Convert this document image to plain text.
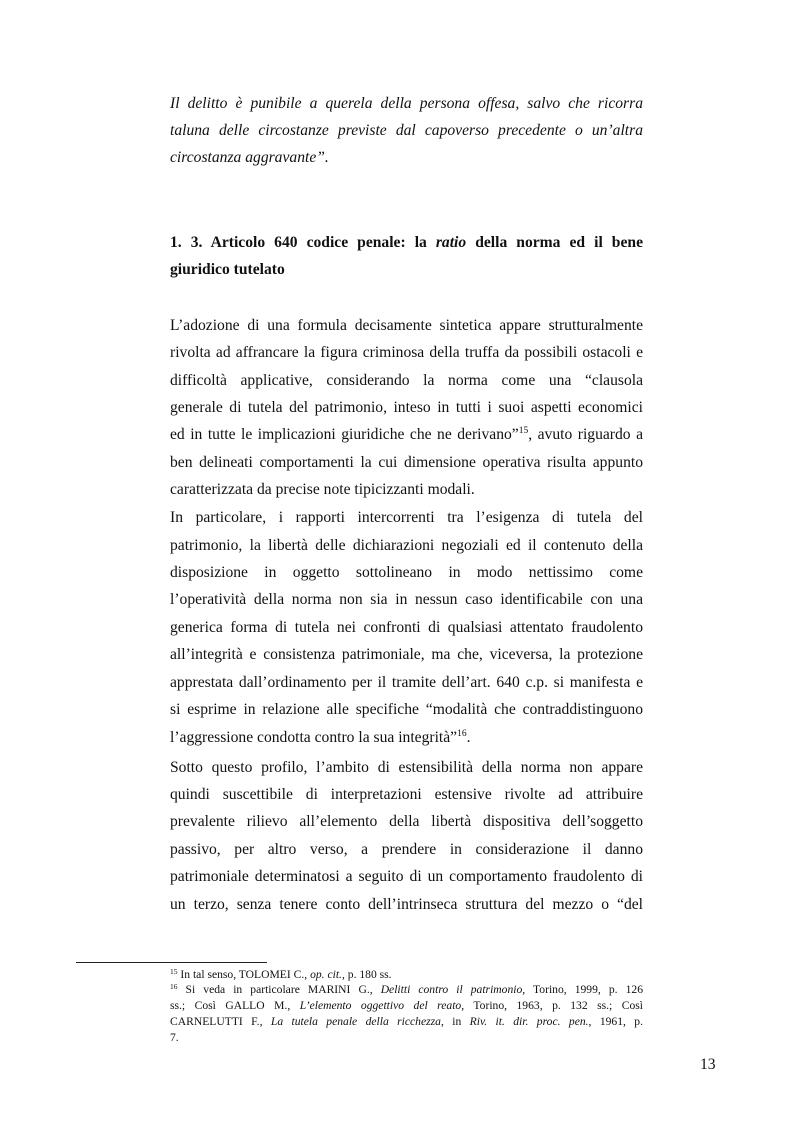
Il delitto è punibile a querela della persona offesa, salvo che ricorra
taluna delle circostanze previste dal capoverso precedente o un’altra
circostanza aggravante”.
1. 3. Articolo 640 codice penale: la ratio della norma ed il bene
giuridico tutelato
L’adozione di una formula decisamente sintetica appare strutturalmente
rivolta ad affrancare la figura criminosa della truffa da possibili ostacoli e
difficoltà applicative, considerando la norma come una “clausola
generale di tutela del patrimonio, inteso in tutti i suoi aspetti economici
ed in tutte le implicazioni giuridiche che ne derivano”$^{15}$, avuto riguardo a
ben delineati comportamenti la cui dimensione operativa risulta appunto
caratterizzata da precise note tipicizzanti modali.
In particolare, i rapporti intercorrenti tra l’esigenza di tutela del
patrimonio, la libertà delle dichiarazioni negoziali ed il contenuto della
disposizione in oggetto sottolineano in modo nettissimo come
l’operatività della norma non sia in nessun caso identificabile con una
generica forma di tutela nei confronti di qualsiasi attentato fraudolento
all’integrità e consistenza patrimoniale, ma che, viceversa, la protezione
apprestata dall’ordinamento per il tramite dell’art. 640 c.p. si manifesta e
si esprime in relazione alle specifiche “modalità che contraddistinguono
l’aggressione condotta contro la sua integrità”$^{16}$.
Sotto questo profilo, l’ambito di estensibilità della norma non appare
quindi suscettibile di interpretazioni estensive rivolte ad attribuire
prevalente rilievo all’elemento della libertà dispositiva dell’soggetto
passivo, per altro verso, a prendere in considerazione il danno
patrimoniale determinatosi a seguito di un comportamento fraudolento di
un terzo, senza tenere conto dell’intrinseca struttura del mezzo o “del
$^{15}$ In tal senso, TOLOMEI C., op. cit., p. 180 ss.
$^{16}$ Si veda in particolare MARINI G., Delitti contro il patrimonio, Torino, 1999, p. 126
ss.; Così GALLO M., L’elemento oggettivo del reato, Torino, 1963, p. 132 ss.; Così
CARNELUTTI F., La tutela penale della ricchezza, in Riv. it. dir. proc. pen., 1961, p.
7.
13
